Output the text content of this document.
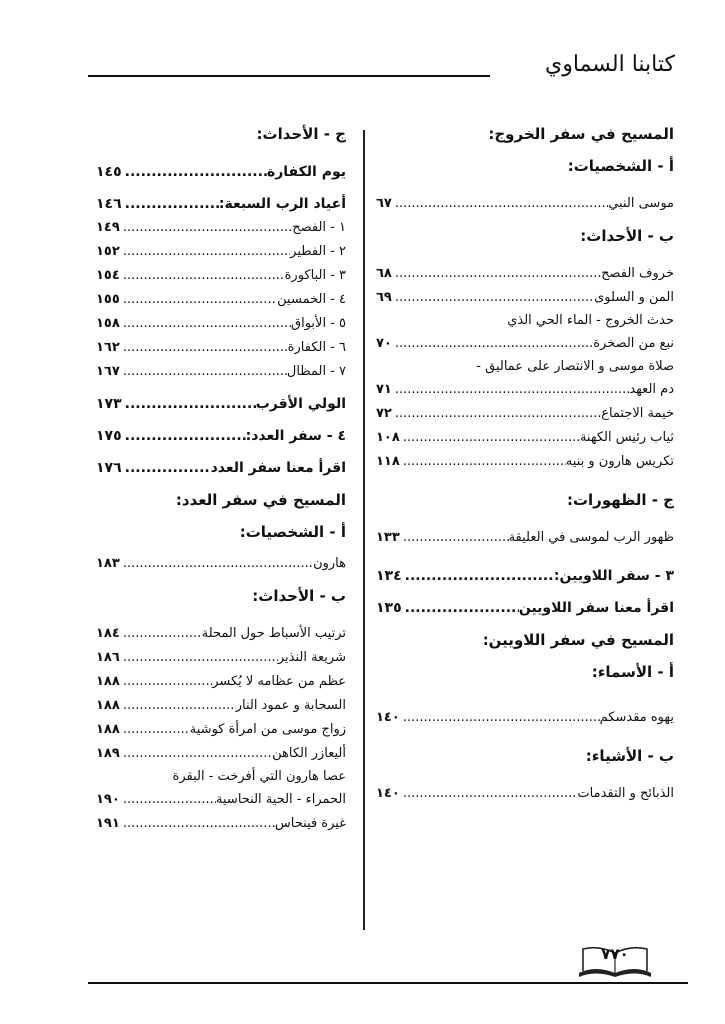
كتابنا السماوي
المسيح في سفر الخروج:
أ - الشخصيات:
موسى النبي
.....
٦٧
ب - الأحداث:
خروف الفصح
.....
٦٨
المن و السلوى
.....
٦٩
حدث الخروج - الماء الحي الذي
نبع من الصخرة
.....
٧٠
صلاة موسى و الانتصار على عماليق -
دم العهد
.....
٧١
خيمة الاجتماع
.....
٧٢
ثياب رئيس الكهنة
.....
١٠٨
تكريس هارون و بنيه
.....
١١٨
ج - الظهورات:
ظهور الرب لموسى في العليقة
.....
١٣٣
٣ - سفر اللاويين:
.....
١٣٤
اقرأ معنا سفر اللاويين
.....
١٣٥
المسيح في سفر اللاويين:
أ - الأسماء:
يهوه مقدسكم
.....
١٤٠
ب - الأشياء:
الذبائح و التقدمات
.....
١٤٠
ج - الأحداث:
يوم الكفارة
.....
١٤٥
أعياد الرب السبعة:
.....
١٤٦
١ - الفصح
.....
١٤٩
٢ - الفطير
.....
١٥٢
٣ - الباكورة
.....
١٥٤
٤ - الخمسين
.....
١٥٥
٥ - الأبواق
.....
١٥٨
٦ - الكفارة
.....
١٦٢
٧ - المظال
.....
١٦٧
الولي الأقرب
.....
١٧٣
٤ - سفر العدد:
.....
١٧٥
اقرأ معنا سفر العدد
.....
١٧٦
المسيح في سفر العدد:
أ - الشخصيات:
هارون
.....
١٨٣
ب - الأحداث:
ترتيب الأسباط حول المحلة
.....
١٨٤
شريعة النذير
.....
١٨٦
عظم من عظامه لا يُكسر
.....
١٨٨
السحابة و عمود النار
.....
١٨٨
زواج موسى من امرأة كوشية
.....
١٨٨
أليعازر الكاهن
.....
١٨٩
عصا هارون التي أفرخت - البقرة
الحمراء - الحية النحاسية
.....
١٩٠
غيرة فينحاس
.....
١٩١
٧٧٠
